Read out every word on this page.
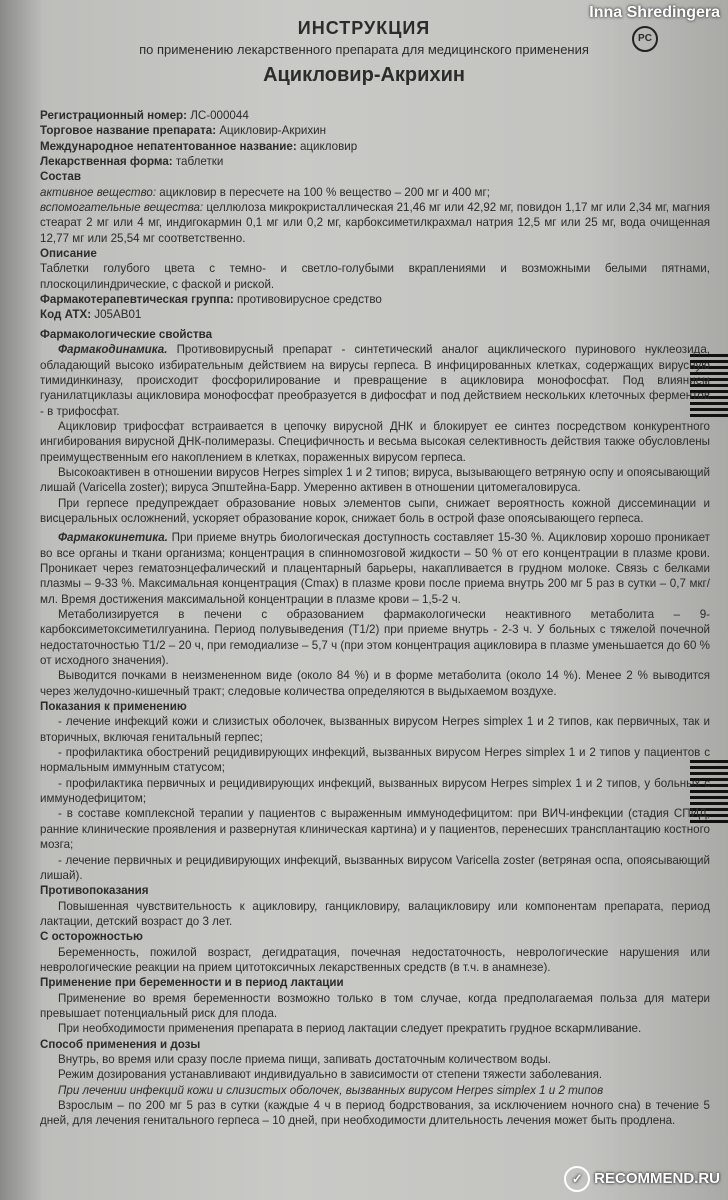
Inna Shredingera
PC
ИНСТРУКЦИЯ
по применению лекарственного препарата для медицинского применения
Ацикловир-Акрихин

Регистрационный номер: ЛС-000044

Торговое название препарата: Ацикловир-Акрихин

Международное непатентованное название: ацикловир

Лекарственная форма: таблетки

Состав

активное вещество: ацикловир в пересчете на 100 % вещество – 200 мг и 400 мг;

вспомогательные вещества: целлюлоза микрокристаллическая 21,46 мг или 42,92 мг, повидон 1,17 мг или 2,34 мг, магния стеарат 2 мг или 4 мг, индигокармин 0,1 мг или 0,2 мг, карбоксиметилкрахмал натрия 12,5 мг или 25 мг, вода очищенная 12,77 мг или 25,54 мг соответственно.

Описание

Таблетки голубого цвета с темно- и светло-голубыми вкраплениями и возможными белыми пятнами, плоскоцилиндрические, с фаской и риской.

Фармакотерапевтическая группа: противовирусное средство

Код АТХ: J05AB01

Фармакологические свойства

Фармакодинамика. Противовирусный препарат - синтетический аналог ациклического пуринового нуклеозида, обладающий высоко избирательным действием на вирусы герпеса. В инфицированных клетках, содержащих вирусную тимидинкиназу, происходит фосфорилирование и превращение в ацикловира монофосфат. Под влиянием гуанилатциклазы ацикловира монофосфат преобразуется в дифосфат и под действием нескольких клеточных ферментов - в трифосфат.

Ацикловир трифосфат встраивается в цепочку вирусной ДНК и блокирует ее синтез посредством конкурентного ингибирования вирусной ДНК-полимеразы. Специфичность и весьма высокая селективность действия также обусловлены преимущественным его накоплением в клетках, пораженных вирусом герпеса.

Высокоактивен в отношении вирусов Herpes simplex 1 и 2 типов; вируса, вызывающего ветряную оспу и опоясывающий лишай (Varicella zoster); вируса Эпштейна-Барр. Умеренно активен в отношении цитомегаловируса.

При герпесе предупреждает образование новых элементов сыпи, снижает вероятность кожной диссеминации и висцеральных осложнений, ускоряет образование корок, снижает боль в острой фазе опоясывающего герпеса.

Фармакокинетика. При приеме внутрь биологическая доступность составляет 15-30 %. Ацикловир хорошо проникает во все органы и ткани организма; концентрация в спинномозговой жидкости – 50 % от его концентрации в плазме крови. Проникает через гематоэнцефалический и плацентарный барьеры, накапливается в грудном молоке. Связь с белками плазмы – 9-33 %. Максимальная концентрация (Cmax) в плазме крови после приема внутрь 200 мг 5 раз в сутки – 0,7 мкг/мл. Время достижения максимальной концентрации в плазме крови – 1,5-2 ч.

Метаболизируется в печени с образованием фармакологически неактивного метаболита – 9-карбоксиметоксиметилгуанина. Период полувыведения (T1/2) при приеме внутрь - 2-3 ч. У больных с тяжелой почечной недостаточностью T1/2 – 20 ч, при гемодиализе – 5,7 ч (при этом концентрация ацикловира в плазме уменьшается до 60 % от исходного значения).

Выводится почками в неизмененном виде (около 84 %) и в форме метаболита (около 14 %). Менее 2 % выводится через желудочно-кишечный тракт; следовые количества определяются в выдыхаемом воздухе.

Показания к применению

- лечение инфекций кожи и слизистых оболочек, вызванных вирусом Herpes simplex 1 и 2 типов, как первичных, так и вторичных, включая генитальный герпес;

- профилактика обострений рецидивирующих инфекций, вызванных вирусом Herpes simplex 1 и 2 типов у пациентов с нормальным иммунным статусом;

- профилактика первичных и рецидивирующих инфекций, вызванных вирусом Herpes simplex 1 и 2 типов, у больных с иммунодефицитом;

- в составе комплексной терапии у пациентов с выраженным иммунодефицитом: при ВИЧ-инфекции (стадия СПИД, ранние клинические проявления и развернутая клиническая картина) и у пациентов, перенесших трансплантацию костного мозга;

- лечение первичных и рецидивирующих инфекций, вызванных вирусом Varicella zoster (ветряная оспа, опоясывающий лишай).

Противопоказания

Повышенная чувствительность к ацикловиру, ганцикловиру, валацикловиру или компонентам препарата, период лактации, детский возраст до 3 лет.

С осторожностью

Беременность, пожилой возраст, дегидратация, почечная недостаточность, неврологические нарушения или неврологические реакции на прием цитотоксичных лекарственных средств (в т.ч. в анамнезе).

Применение при беременности и в период лактации

Применение во время беременности возможно только в том случае, когда предполагаемая польза для матери превышает потенциальный риск для плода.

При необходимости применения препарата в период лактации следует прекратить грудное вскармливание.

Способ применения и дозы

Внутрь, во время или сразу после приема пищи, запивать достаточным количеством воды.

Режим дозирования устанавливают индивидуально в зависимости от степени тяжести заболевания.

При лечении инфекций кожи и слизистых оболочек, вызванных вирусом Herpes simplex 1 и 2 типов

Взрослым – по 200 мг 5 раз в сутки (каждые 4 ч в период бодрствования, за исключением ночного сна) в течение 5 дней, для лечения генитального герпеса – 10 дней, при необходимости длительность лечения может быть продлена.

✓ RECOMMEND.RU
